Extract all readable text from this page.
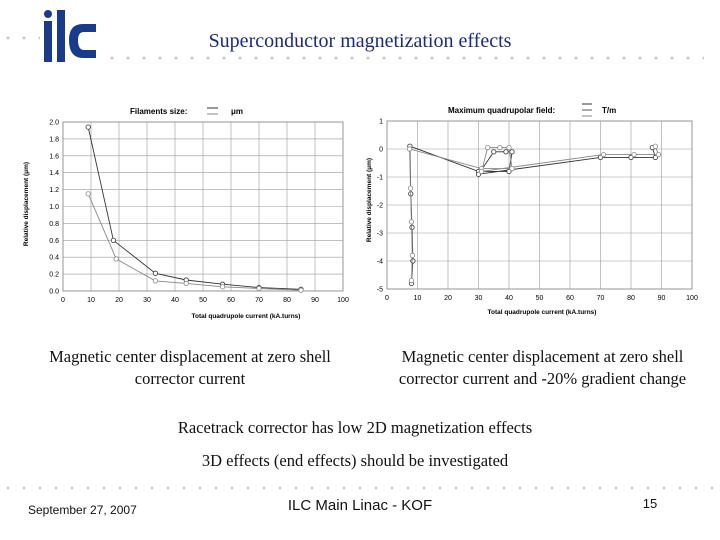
Superconductor magnetization effects
Filaments size:	μm
Total quadrupole current (kA.turns)
Relative displacement (μm)
0	10	20	30	40	50	60	70	80	90	100
0.0
0.2
0.4
0.6
0.8
1.0
1.2
1.4
1.6
1.8
2.0
Maximum quadrupolar field:	T/m
Total quadrupole current (kA.turns)
Relative displacement (μm)
0	10	20	30	40	50	60	70	80	90	100
1
0
-1
-2
-3
-4
-5
Magnetic center displacement at zero shell corrector current
Magnetic center displacement at zero shell corrector current and -20% gradient change
Racetrack corrector has low 2D magnetization effects
3D effects (end effects) should be investigated
September 27, 2007	ILC Main Linac - KOF	15
